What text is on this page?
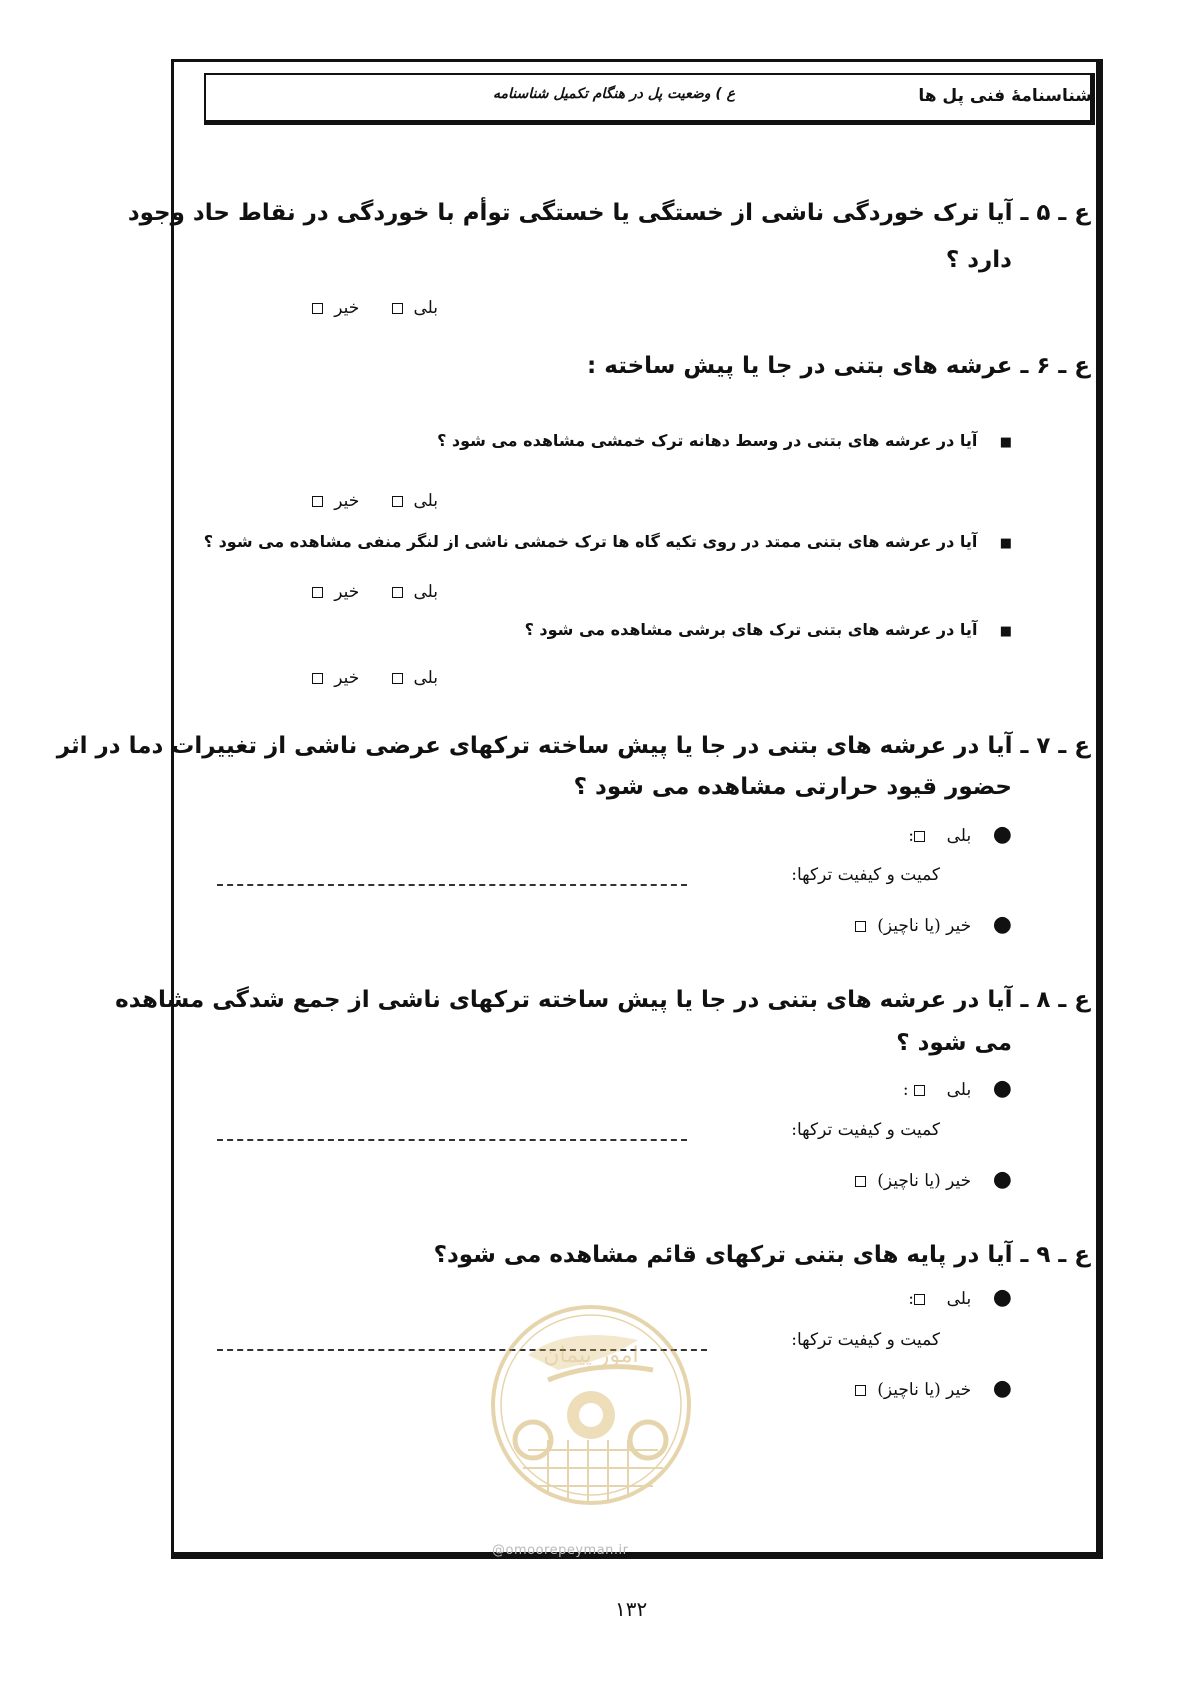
شناسنامۀ فنی پل ها
ع ) وضعیت پل در هنگام تکمیل شناسنامه
ع ـ ۵ ـ آیا ترک خوردگی ناشی از خستگی یا خستگی توأم با خوردگی در نقاط حاد وجود
دارد ؟
بلی        خیر
ع ـ ۶ ـ عرشه های بتنی در جا یا پیش ساخته :
■    آیا در عرشه های بتنی در وسط دهانه ترک خمشی مشاهده می شود ؟
بلی        خیر
■    آیا در عرشه های بتنی ممتد در روی تکیه گاه ها ترک خمشی ناشی از لنگر منفی مشاهده می شود ؟
بلی        خیر
■    آیا در عرشه های بتنی ترک های برشی مشاهده می شود ؟
بلی        خیر
ع ـ ۷ ـ آیا در عرشه های بتنی در جا یا پیش ساخته ترکهای عرضی ناشی از تغییرات دما در اثر
حضور قیود حرارتی مشاهده می شود ؟
●    بلی    :
کمیت و کیفیت ترکها:
●    خیر (یا ناچیز)
ع ـ ۸ ـ آیا در عرشه های بتنی در جا یا پیش ساخته ترکهای ناشی از جمع شدگی مشاهده
می شود ؟
●    بلی     :
کمیت و کیفیت ترکها:
●    خیر (یا ناچیز)
ع ـ ۹ ـ آیا در پایه های بتنی ترکهای قائم مشاهده می شود؟
●    بلی    :
کمیت و کیفیت ترکها:
●    خیر (یا ناچیز)
امور پیمان
@omoorepeyman.ir
۱۳۲
